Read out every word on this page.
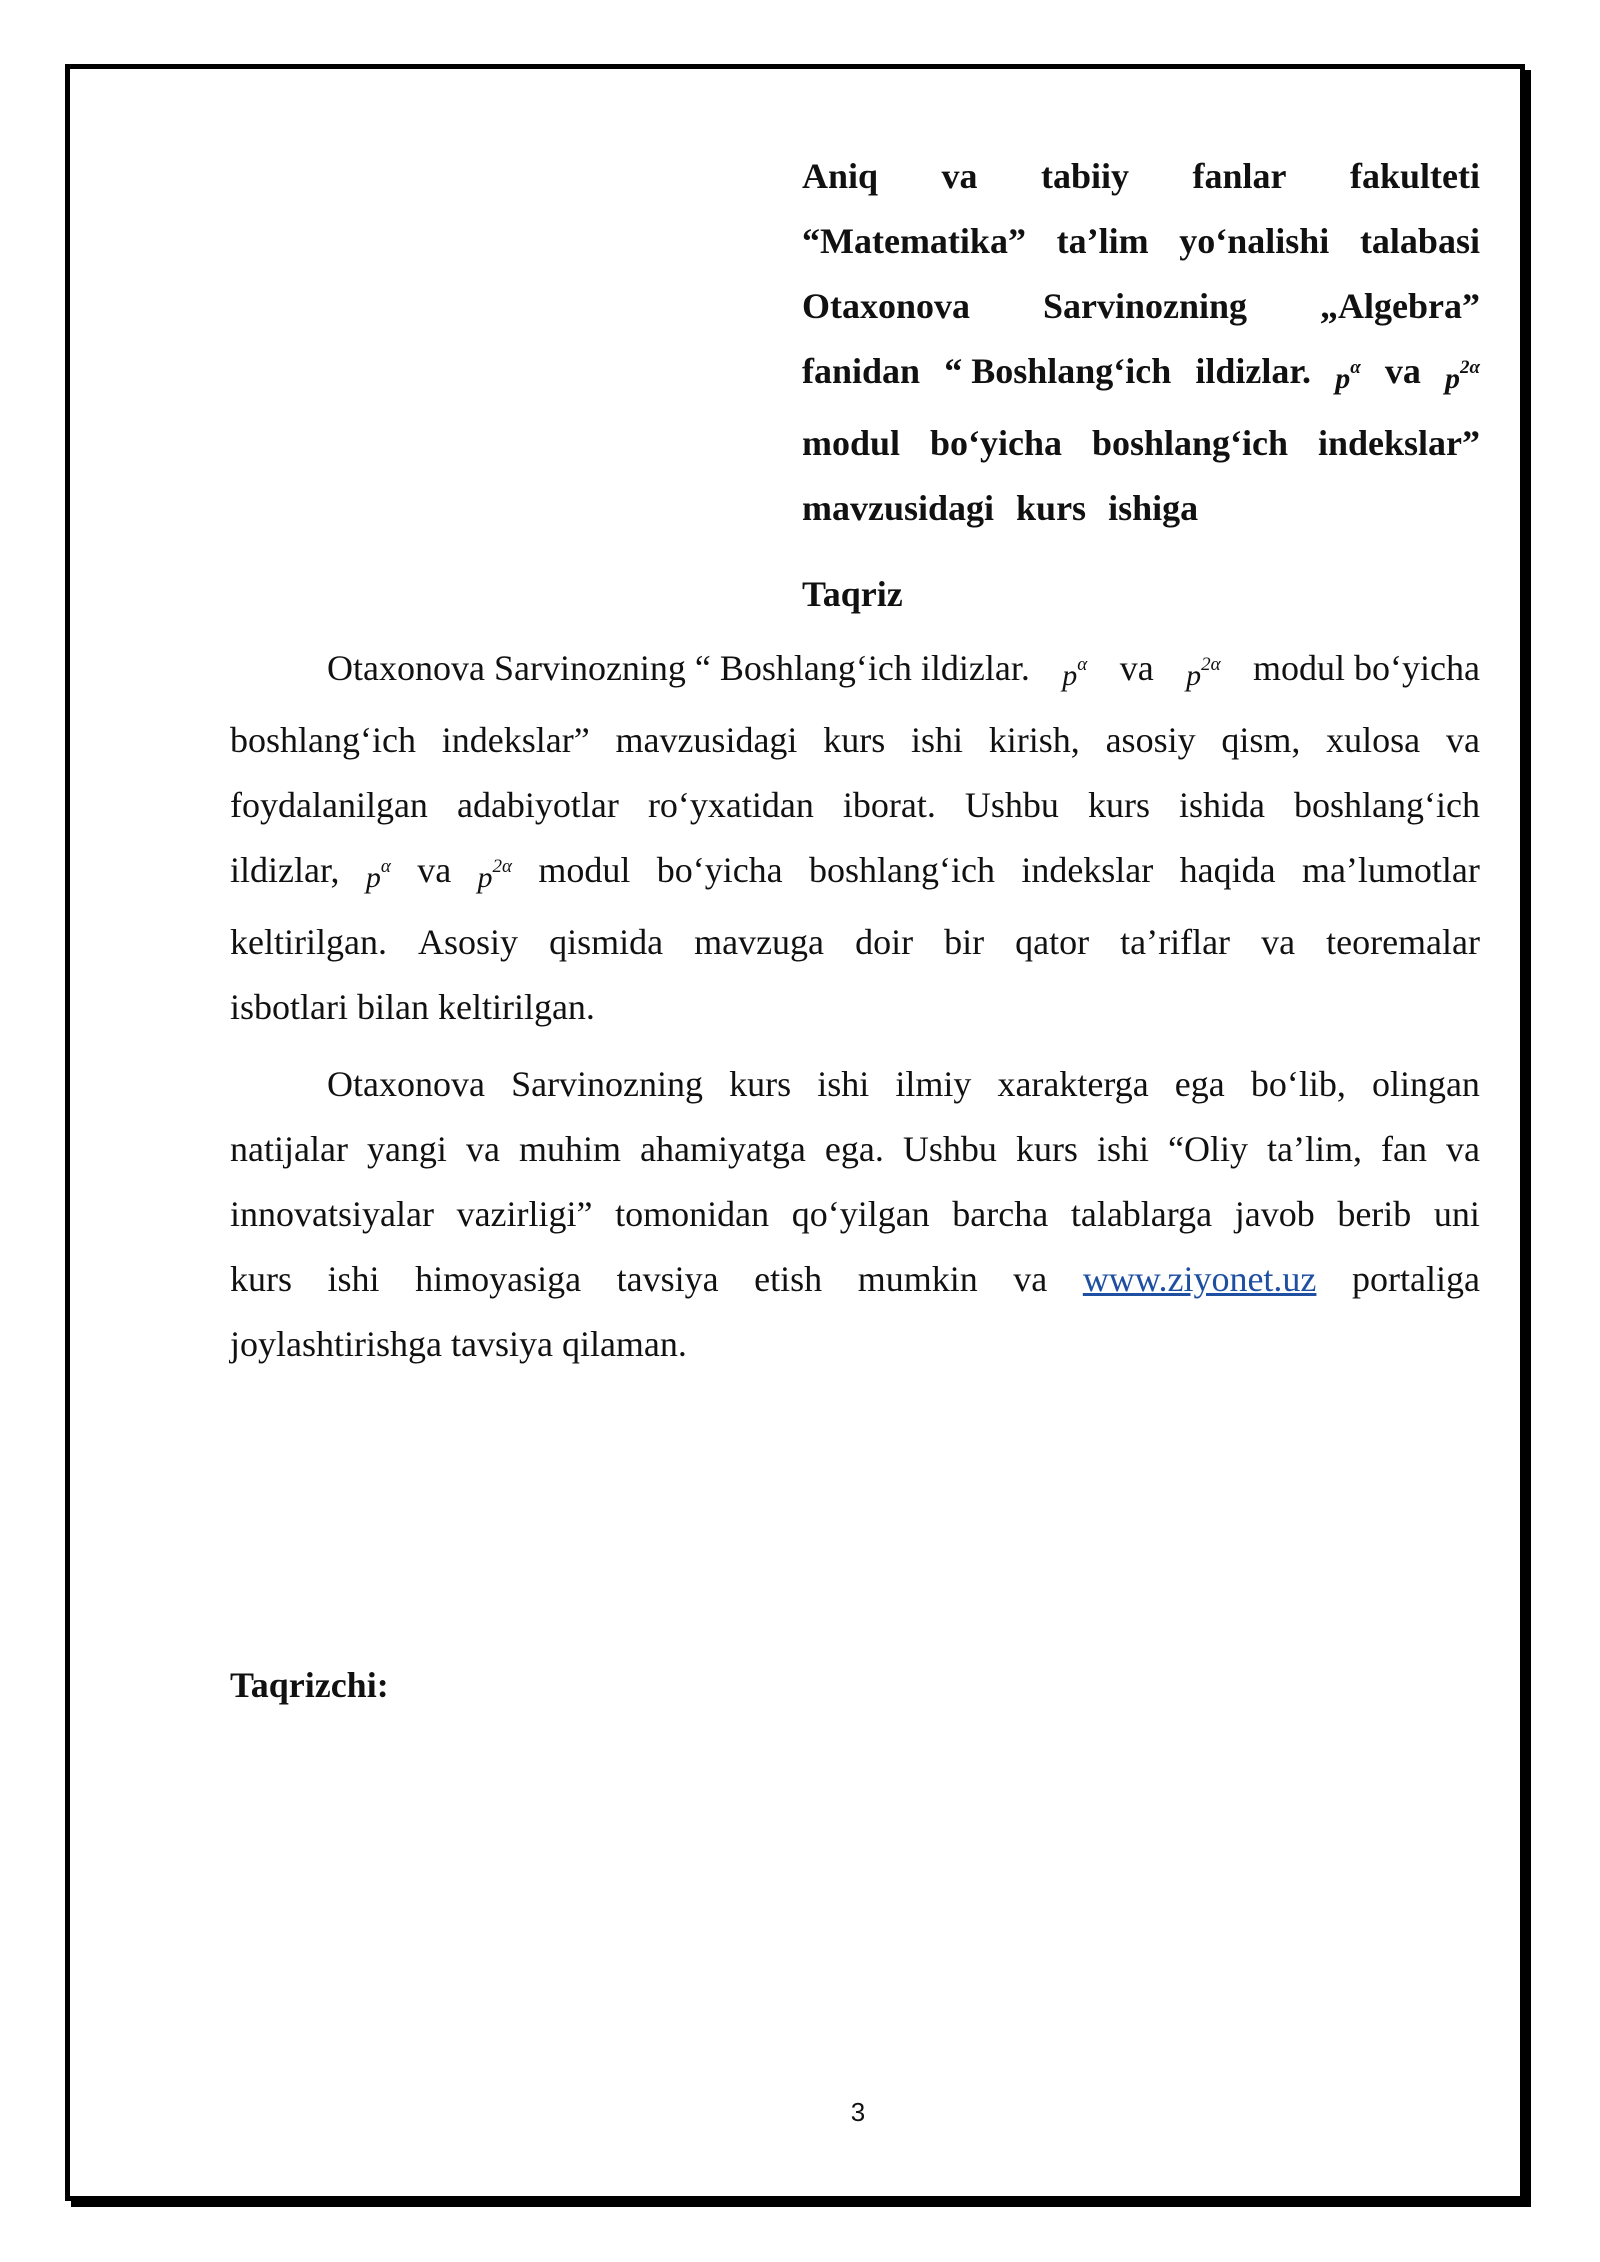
Aniq va tabiiy fanlar fakulteti
“Matematika” ta’lim yo‘nalishi talabasi
Otaxonova Sarvinozning „Algebra”
fanidan “ Boshlang‘ich ildizlar. $p^\alpha$ va $p^{2\alpha}$
modul bo‘yicha boshlang‘ich indekslar”
mavzusidagi kurs ishiga
Taqriz
Otaxonova Sarvinozning “ Boshlang‘ich ildizlar. $p^\alpha$ va $p^{2\alpha}$ modul bo‘yicha
boshlang‘ich indekslar” mavzusidagi kurs ishi kirish, asosiy qism, xulosa va
foydalanilgan adabiyotlar ro‘yxatidan iborat. Ushbu kurs ishida boshlang‘ich
ildizlar, $p^\alpha$ va $p^{2\alpha}$ modul bo‘yicha boshlang‘ich indekslar haqida ma’lumotlar
keltirilgan. Asosiy qismida mavzuga doir bir qator ta’riflar va teoremalar
isbotlari bilan keltirilgan.
Otaxonova Sarvinozning kurs ishi ilmiy xarakterga ega bo‘lib, olingan
natijalar yangi va muhim ahamiyatga ega. Ushbu kurs ishi “Oliy ta’lim, fan va
innovatsiyalar vazirligi” tomonidan qo‘yilgan barcha talablarga javob berib uni
kurs ishi himoyasiga tavsiya etish mumkin va www.ziyonet.uz portaliga
joylashtirishga tavsiya qilaman.
Taqrizchi:
3
